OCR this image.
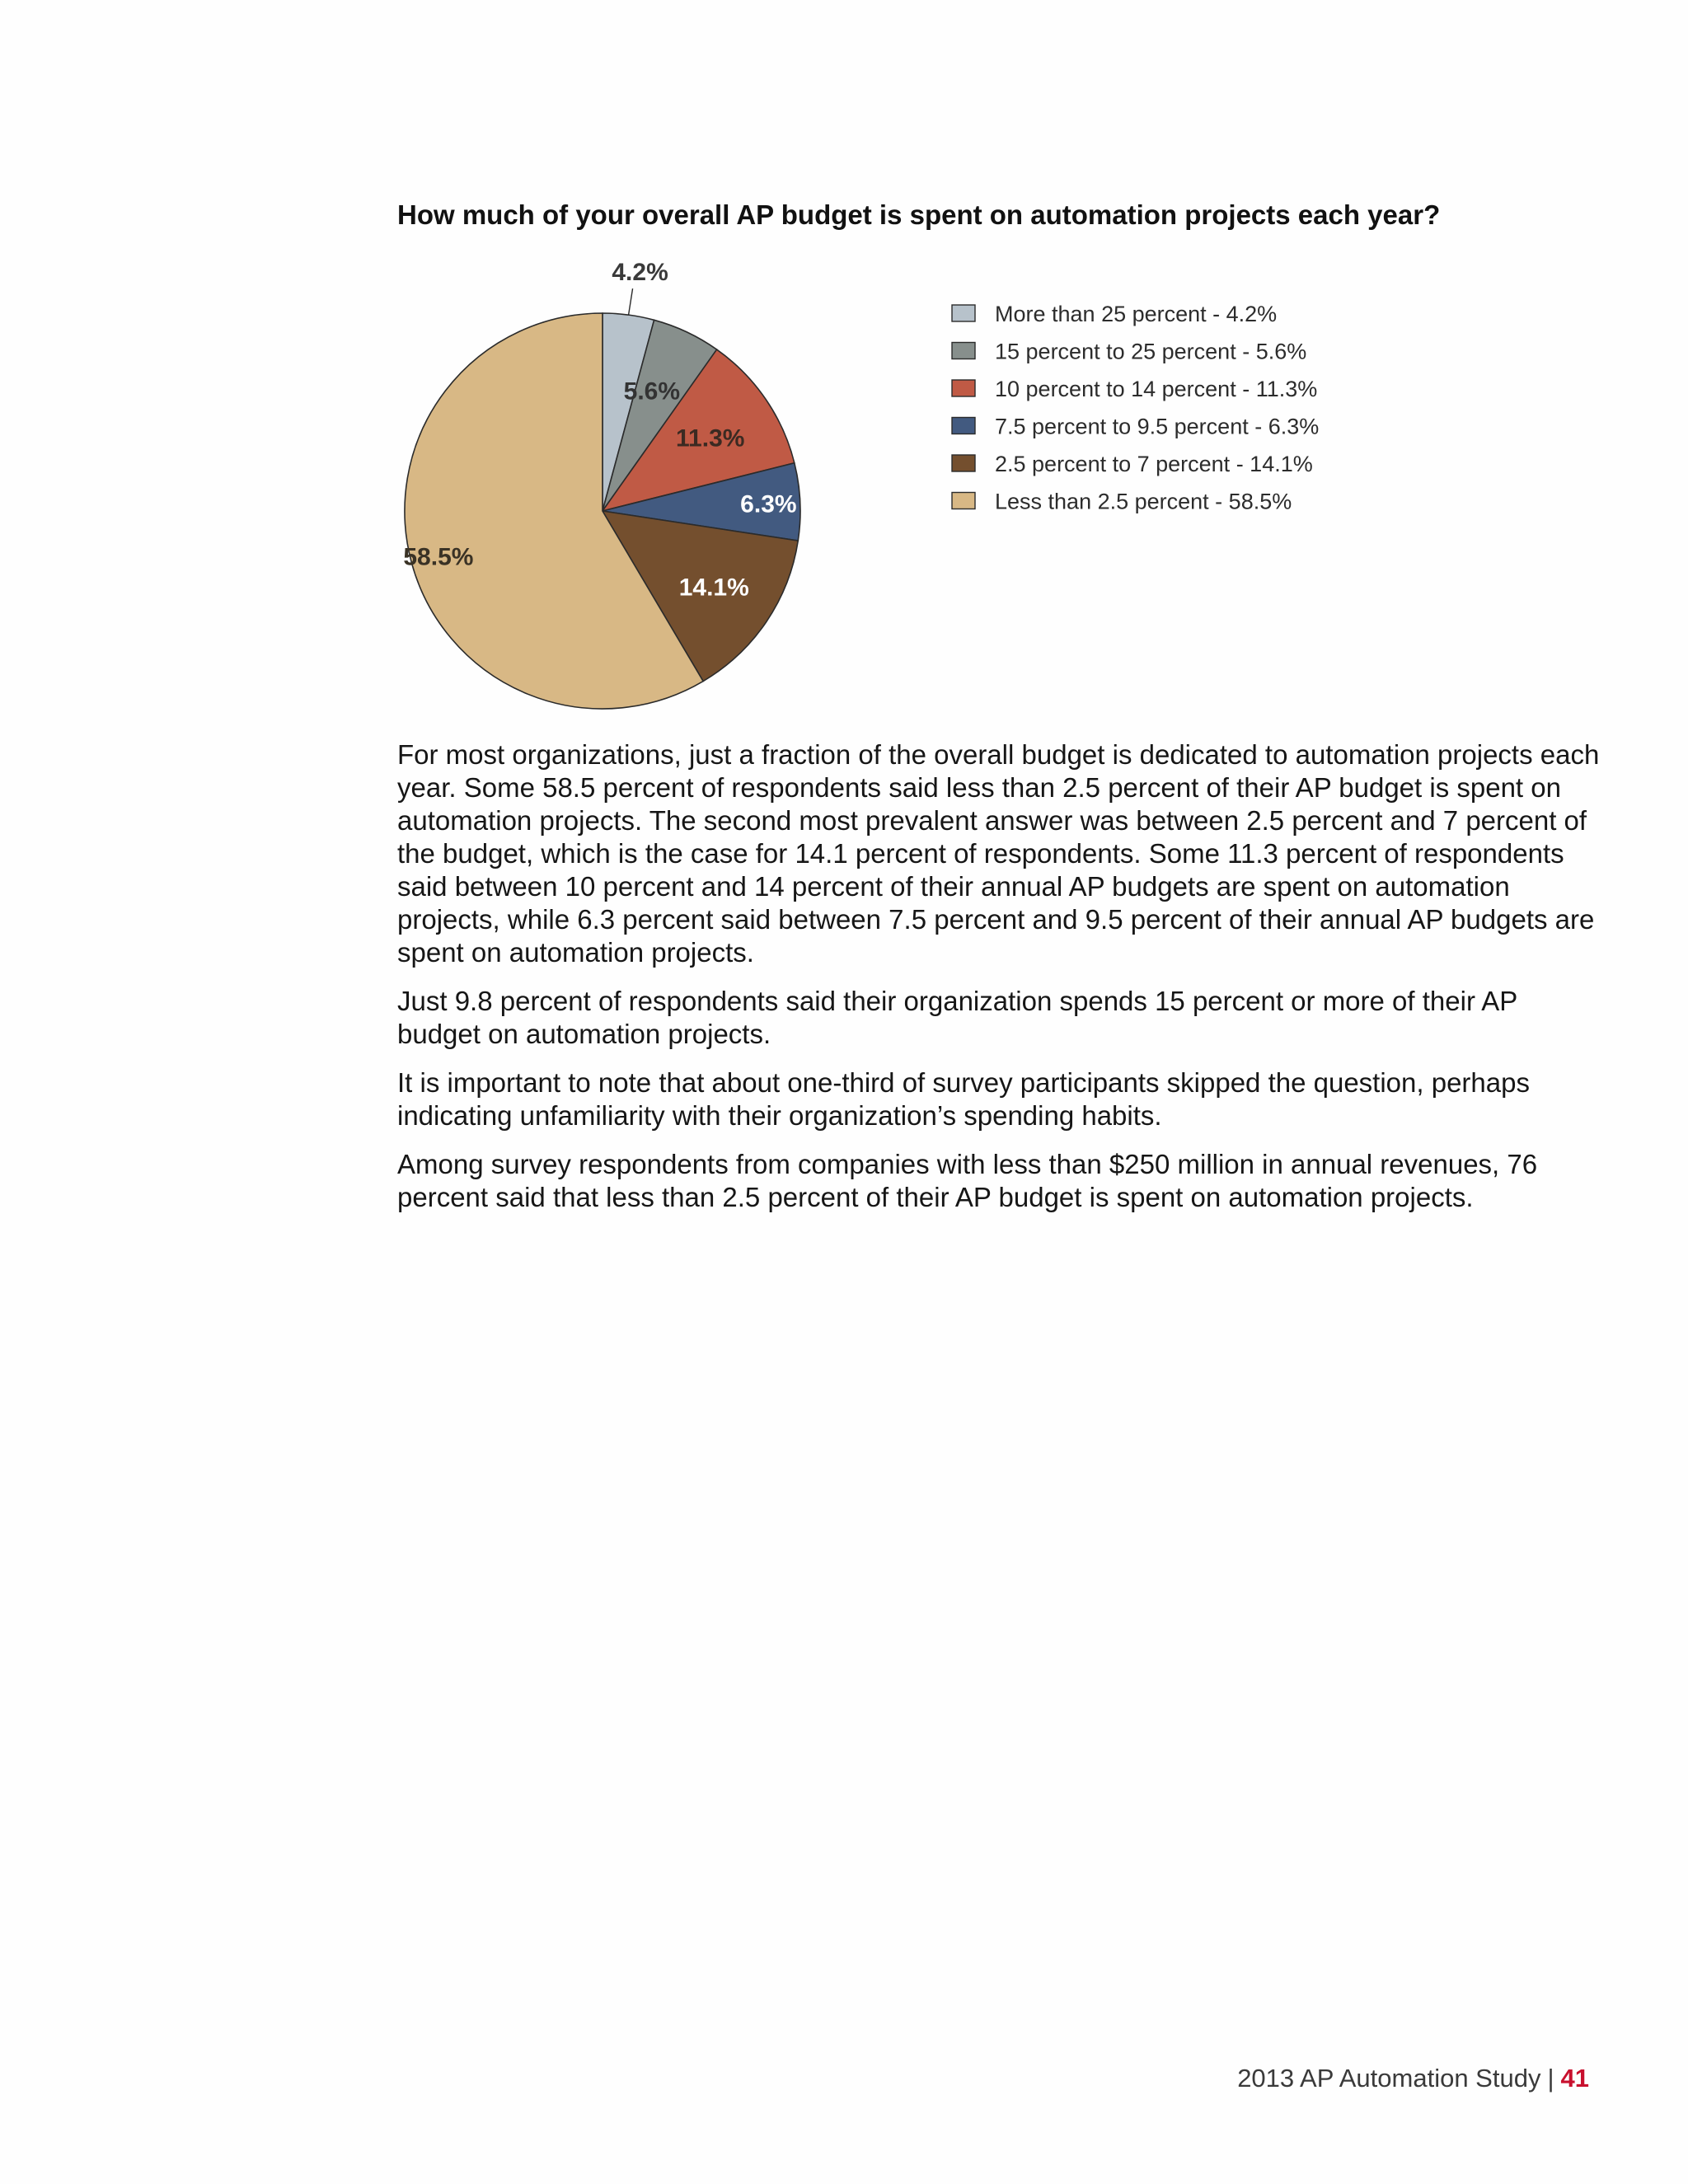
How much of your overall AP budget is spent on automation projects each year?
4.2%
5.6%
11.3%
6.3%
14.1%
58.5%
More than 25 percent - 4.2%
15 percent to 25 percent - 5.6%
10 percent to 14 percent - 11.3%
7.5 percent to 9.5 percent - 6.3%
2.5 percent to 7 percent - 14.1%
Less than 2.5 percent - 58.5%

For most organizations, just a fraction of the overall budget is dedicated to automation projects each year. Some 58.5 percent of respondents said less than 2.5 percent of their AP budget is spent on automation projects. The second most prevalent answer was between 2.5 percent and 7 percent of the budget, which is the case for 14.1 percent of respondents. Some 11.3 percent of respondents said between 10 percent and 14 percent of their annual AP budgets are spent on automation projects, while 6.3 percent said between 7.5 percent and 9.5 percent of their annual AP budgets are spent on automation projects.

Just 9.8 percent of respondents said their organization spends 15 percent or more of their AP budget on automation projects.

It is important to note that about one-third of survey participants skipped the question, perhaps indicating unfamiliarity with their organization’s spending habits.

Among survey respondents from companies with less than $250 million in annual revenues, 76 percent said that less than 2.5 percent of their AP budget is spent on automation projects.

2013 AP Automation Study | 41
